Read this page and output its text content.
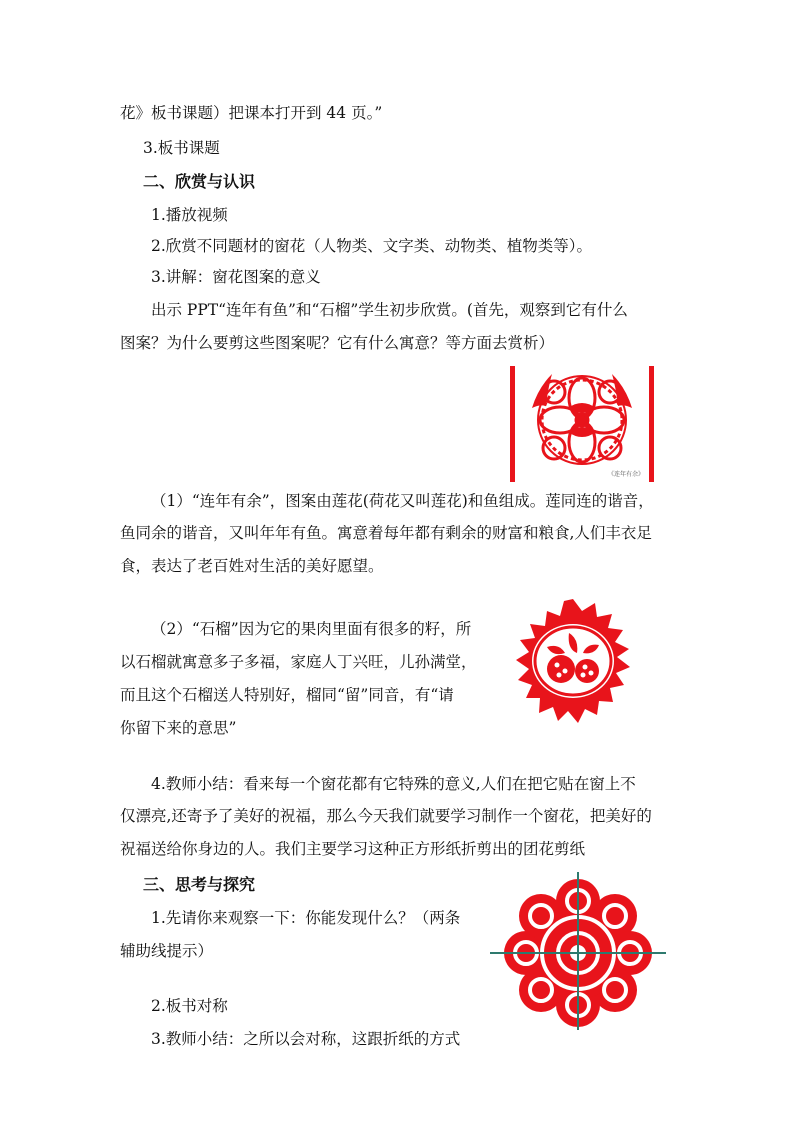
花》板书课题）把课本打开到 44 页。”
3.板书课题
二、欣赏与认识
1.播放视频
2.欣赏不同题材的窗花（人物类、文字类、动物类、植物类等）。
3.讲解：窗花图案的意义
出示 PPT“连年有鱼”和“石榴”学生初步欣赏。(首先，观察到它有什么
图案？为什么要剪这些图案呢？它有什么寓意？等方面去赏析）
《连年有余》
（1）“连年有余”，图案由莲花(荷花又叫莲花)和鱼组成。莲同连的谐音，
鱼同余的谐音，又叫年年有鱼。寓意着每年都有剩余的财富和粮食,人们丰衣足
食，表达了老百姓对生活的美好愿望。
（2）“石榴”因为它的果肉里面有很多的籽，所
以石榴就寓意多子多福，家庭人丁兴旺，儿孙满堂，
而且这个石榴送人特别好，榴同“留”同音，有“请
你留下来的意思”
4.教师小结：看来每一个窗花都有它特殊的意义,人们在把它贴在窗上不
仅漂亮,还寄予了美好的祝福，那么今天我们就要学习制作一个窗花，把美好的
祝福送给你身边的人。我们主要学习这种正方形纸折剪出的团花剪纸
三、思考与探究
1.先请你来观察一下：你能发现什么？（两条
辅助线提示）
2.板书对称
3.教师小结：之所以会对称，这跟折纸的方式
